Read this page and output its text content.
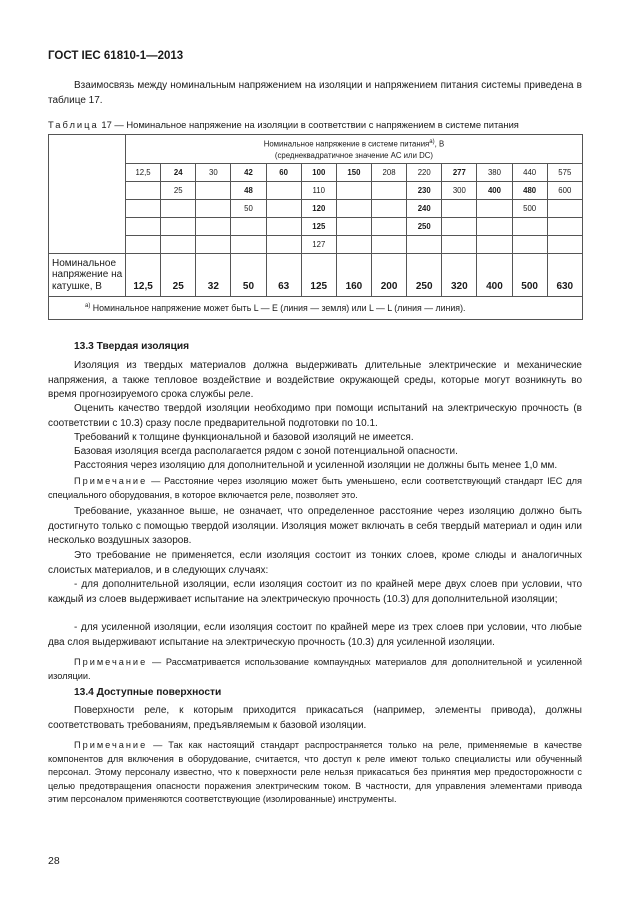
ГОСТ IEC 61810-1—2013
Взаимосвязь между номинальным напряжением на изоляции и напряжением питания системы приведена в таблице 17.
Таблица 17 — Номинальное напряжение на изоляции в соответствии с напряжением в системе питания

	Номинальное напряжение в системе питания$^{а)}$, В
(среднеквадратичное значение AC или DC)												

	12,5	24	30	42	60	100	150	208	220	277	380	440	575
		25		48		110			230	300	400	480	600
				50		120			240			500	
						125			250				
						127							
Номинальное напряжение на катушке, В	12,5	25	32	50	63	125	160	200	250	320	400	500	630
$^{а)}$ Номинальное напряжение может быть L — E (линия — земля) или L — L (линия — линия).													
13.3 Твердая изоляция
Изоляция из твердых материалов должна выдерживать длительные электрические и механические напряжения, а также тепловое воздействие и воздействие окружающей среды, которые могут возникнуть во время прогнозируемого срока службы реле.
Оценить качество твердой изоляции необходимо при помощи испытаний на электрическую прочность (в соответствии с 10.3) сразу после предварительной подготовки по 10.1.
Требований к толщине функциональной и базовой изоляций не имеется.
Базовая изоляция всегда располагается рядом с зоной потенциальной опасности.
Расстояния через изоляцию для дополнительной и усиленной изоляции не должны быть менее 1,0 мм.
Примечание — Расстояние через изоляцию может быть уменьшено, если соответствующий стандарт IEC для специального оборудования, в которое включается реле, позволяет это.
Требование, указанное выше, не означает, что определенное расстояние через изоляцию должно быть достигнуто только с помощью твердой изоляции. Изоляция может включать в себя твердый материал и один или несколько воздушных зазоров.
Это требование не применяется, если изоляция состоит из тонких слоев, кроме слюды и аналогичных слоистых материалов, и в следующих случаях:
- для дополнительной изоляции, если изоляция состоит из по крайней мере двух слоев при условии, что каждый из слоев выдерживает испытание на электрическую прочность (10.3) для дополнительной изоляции;
- для усиленной изоляции, если изоляция состоит по крайней мере из трех слоев при условии, что любые два слоя выдерживают испытание на электрическую прочность (10.3) для усиленной изоляции.
Примечание — Рассматривается использование компаундных материалов для дополнительной и усиленной изоляции.
13.4 Доступные поверхности
Поверхности реле, к которым приходится прикасаться (например, элементы привода), должны соответствовать требованиям, предъявляемым к базовой изоляции.
Примечание — Так как настоящий стандарт распространяется только на реле, применяемые в качестве компонентов для включения в оборудование, считается, что доступ к реле имеют только специалисты или обученный персонал. Этому персоналу известно, что к поверхности реле нельзя прикасаться без принятия мер предосторожности с целью предотвращения опасности поражения электрическим током. В частности, для управления элементами привода этим персоналом применяются соответствующие (изолированные) инструменты.
28
